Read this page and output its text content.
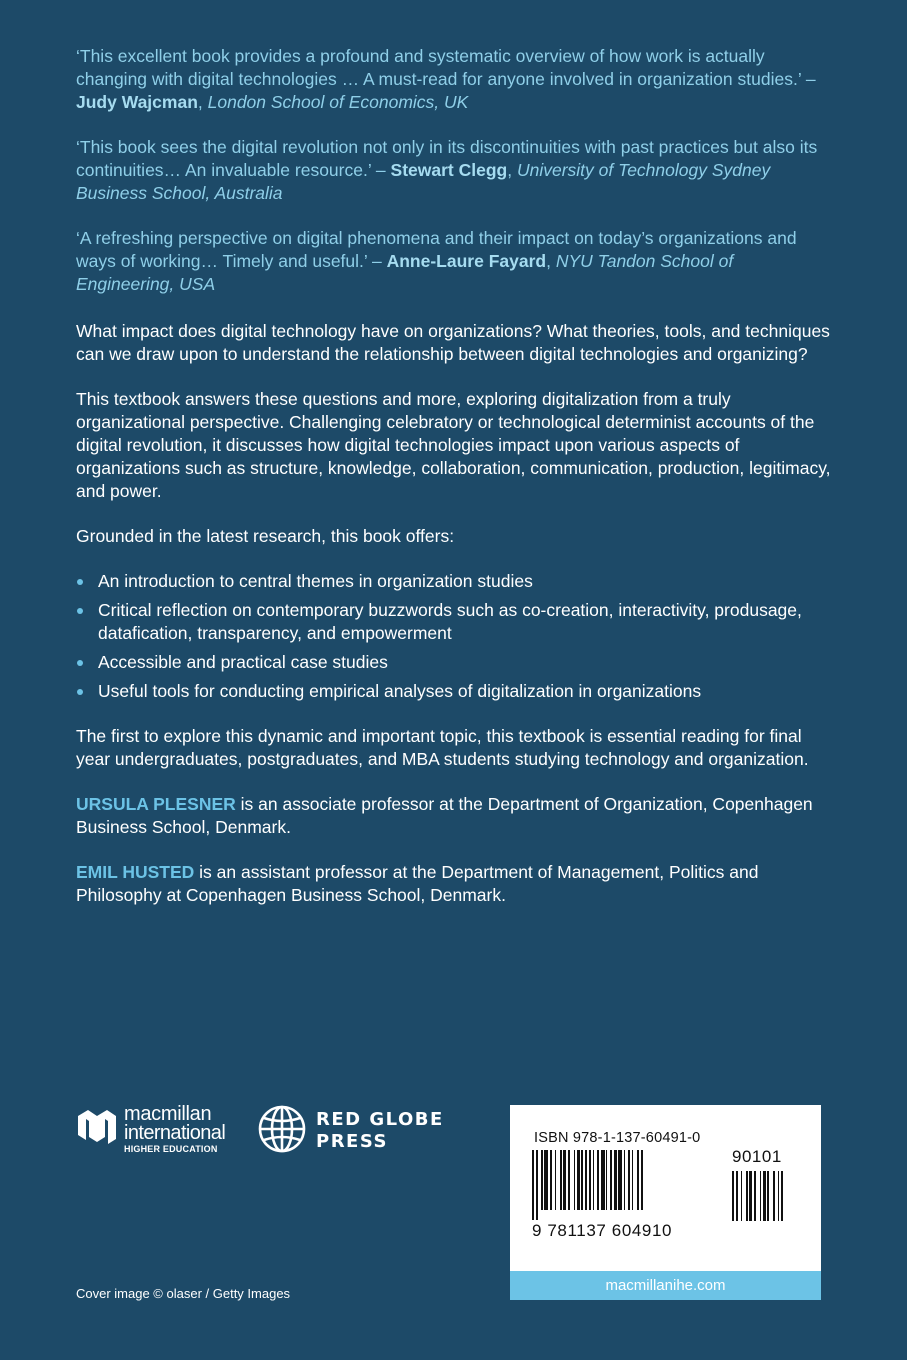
‘This excellent book provides a profound and systematic overview of how work is actually changing with digital technologies … A must-read for anyone involved in organization studies.’ – Judy Wajcman, London School of Economics, UK

‘This book sees the digital revolution not only in its discontinuities with past practices but also its continuities… An invaluable resource.’ – Stewart Clegg, University of Technology Sydney Business School, Australia

‘A refreshing perspective on digital phenomena and their impact on today’s organizations and ways of working… Timely and useful.’ – Anne-Laure Fayard, NYU Tandon School of Engineering, USA

What impact does digital technology have on organizations? What theories, tools, and techniques can we draw upon to understand the relationship between digital technologies and organizing?

This textbook answers these questions and more, exploring digitalization from a truly organizational perspective. Challenging celebratory or technological determinist accounts of the digital revolution, it discusses how digital technologies impact upon various aspects of organizations such as structure, knowledge, collaboration, communication, production, legitimacy, and power.

Grounded in the latest research, this book offers:

An introduction to central themes in organization studies
Critical reflection on contemporary buzzwords such as co-creation, interactivity, produsage, datafication, transparency, and empowerment
Accessible and practical case studies
Useful tools for conducting empirical analyses of digitalization in organizations

The first to explore this dynamic and important topic, this textbook is essential reading for final year undergraduates, postgraduates, and MBA students studying technology and organization.

URSULA PLESNER is an associate professor at the Department of Organization, Copenhagen Business School, Denmark.

EMIL HUSTED is an assistant professor at the Department of Management, Politics and Philosophy at Copenhagen Business School, Denmark.

macmillan
international
HIGHER EDUCATION
RED GLOBE
PRESS	ISBN 978-1-137-60491-0
90101
9 781137 604910
macmillanihe.com
Cover image © olaser / Getty Images
